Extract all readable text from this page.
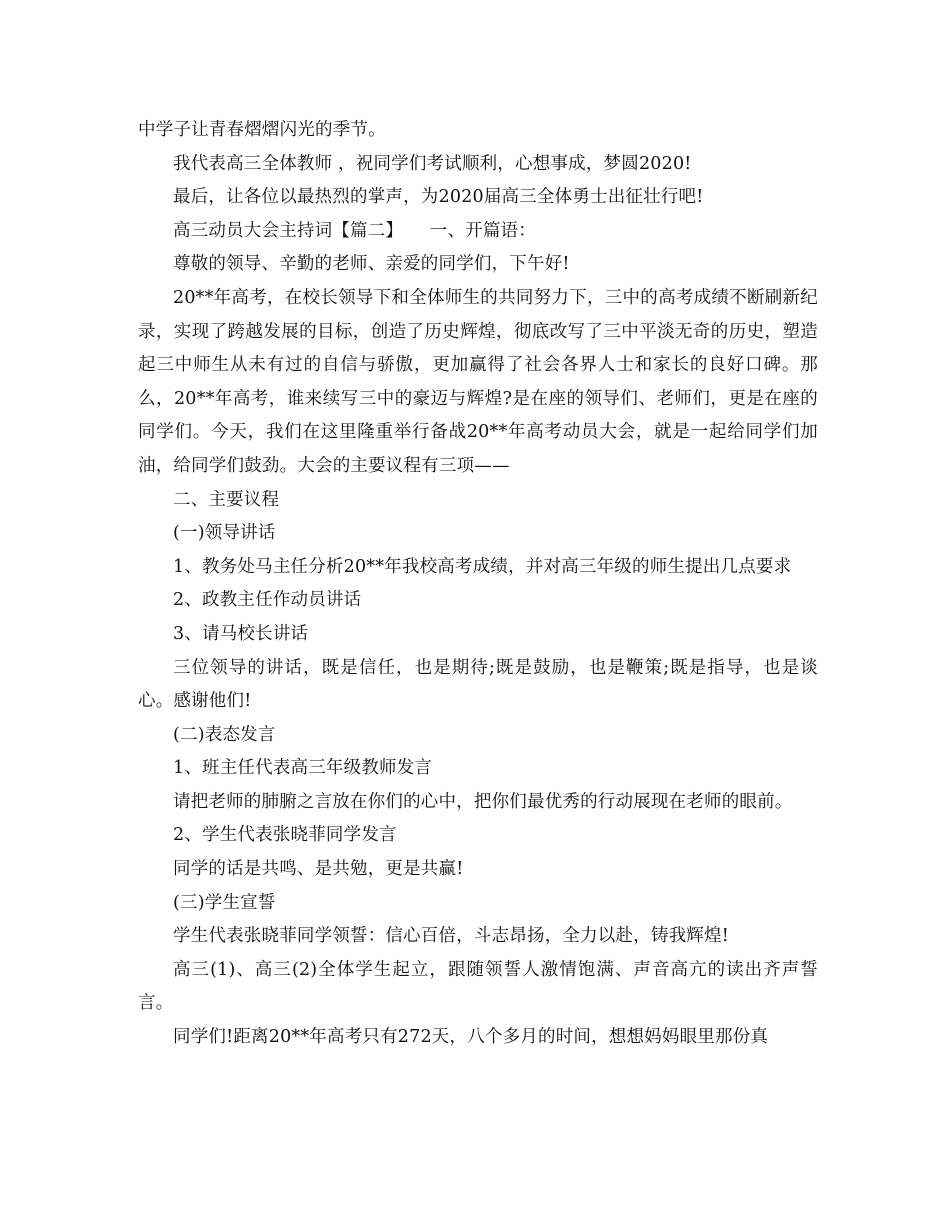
中学子让青春熠熠闪光的季节。

我代表高三全体教师 ，祝同学们考试顺利，心想事成，梦圆2020!

最后，让各位以最热烈的掌声，为2020届高三全体勇士出征壮行吧!

高三动员大会主持词【篇二】　　一、开篇语：

尊敬的领导、辛勤的老师、亲爱的同学们，下午好!

20**年高考，在校长领导下和全体师生的共同努力下，三中的高考成绩不断刷新纪录，实现了跨越发展的目标，创造了历史辉煌，彻底改写了三中平淡无奇的历史，塑造起三中师生从未有过的自信与骄傲，更加赢得了社会各界人士和家长的良好口碑。那么，20**年高考，谁来续写三中的豪迈与辉煌?是在座的领导们、老师们，更是在座的同学们。今天，我们在这里隆重举行备战20**年高考动员大会，就是一起给同学们加油，给同学们鼓劲。大会的主要议程有三项——

二、主要议程

(一)领导讲话

1、教务处马主任分析20**年我校高考成绩，并对高三年级的师生提出几点要求

2、政教主任作动员讲话

3、请马校长讲话

三位领导的讲话，既是信任，也是期待;既是鼓励，也是鞭策;既是指导，也是谈心。感谢他们!

(二)表态发言

1、班主任代表高三年级教师发言

请把老师的肺腑之言放在你们的心中，把你们最优秀的行动展现在老师的眼前。

2、学生代表张晓菲同学发言

同学的话是共鸣、是共勉，更是共赢!

(三)学生宣誓

学生代表张晓菲同学领誓：信心百倍，斗志昂扬，全力以赴，铸我辉煌!

高三(1)、高三(2)全体学生起立，跟随领誓人激情饱满、声音高亢的读出齐声誓言。

同学们!距离20**年高考只有272天，八个多月的时间，想想妈妈眼里那份真
